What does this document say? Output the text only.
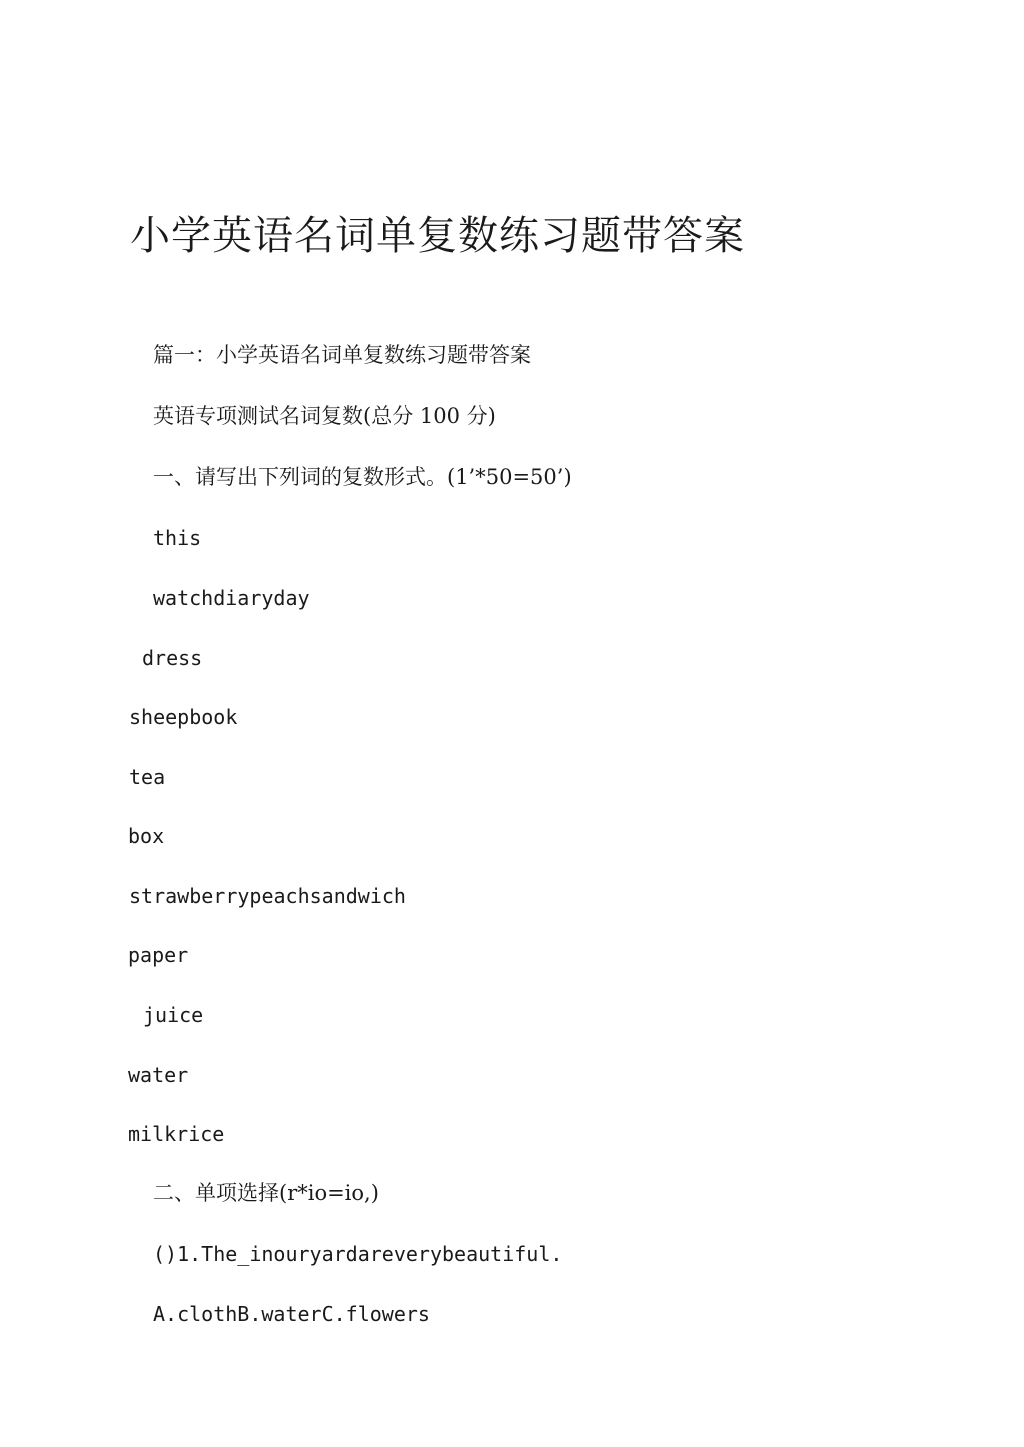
小学英语名词单复数练习题带答案
篇一：小学英语名词单复数练习题带答案
英语专项测试名词复数(总分 100 分)
一、请写出下列词的复数形式。(1’*50=50’)
this
watchdiaryday
dress
sheepbook
tea
box
strawberrypeachsandwich
paper
juice
water
milkrice
二、单项选择(r*io=io,)
()1.The_inouryardareverybeautiful.
A.clothB.waterC.flowers
